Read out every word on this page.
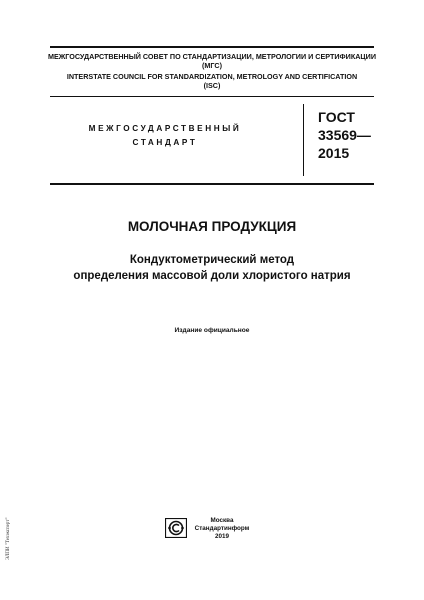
МЕЖГОСУДАРСТВЕННЫЙ СОВЕТ ПО СТАНДАРТИЗАЦИИ, МЕТРОЛОГИИ И СЕРТИФИКАЦИИ
(МГС)
INTERSTATE COUNCIL FOR STANDARDIZATION, METROLOGY AND CERTIFICATION
(ISC)
МЕЖГОСУДАРСТВЕННЫЙ
СТАНДАРТ
ГОСТ
33569—
2015
МОЛОЧНАЯ ПРОДУКЦИЯ
Кондуктометрический метод
определения массовой доли хлористого натрия
Издание официальное
Москва
Стандартинформ
2019
ЭЛПИ "Техэксперт"
